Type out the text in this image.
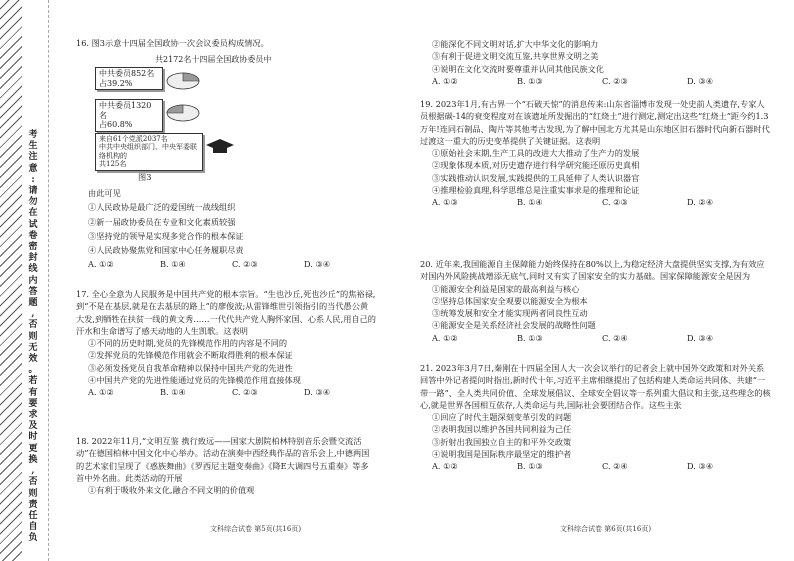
考
生
注
意
:
请
勿
在
试
卷
密
封
线
内
答
题
,
否
则
无
效
。
若
有
要
求
及
时
更
换
,
否
则
责
任
自
负
16. 图3示意十四届全国政协一次会议委员构成情况。
共2172名十四届全国政协委员中
中共委员852名
占39.2%
中共委员1320名
占60.8%
来自61个党派2037名
中共中央组织部门、中央军委联络机构的
共125名
图3
由此可见
①人民政协是最广泛的爱国统一战线组织
②新一届政协委员在专业和文化素质较强
③坚持党的领导是实现多党合作的根本保证
④人民政协聚焦党和国家中心任务履职尽责
A. ①②	B. ①④	C. ②③	D. ③④
17. 全心全意为人民服务是中国共产党的根本宗旨。“生也沙丘,死也沙丘”的焦裕禄,到“不是在基层,就是在去基层的路上”的廖俊波;从雷锋维世引领指引的当代愚公黄大发,到牺牲在扶贫一线的黄文秀……一代代共产党人胸怀家国、心系人民,用自己的汗水和生命谱写了感天动地的人生凯歌。这表明
①不同的历史时期,党员的先锋模范作用的内容是不同的
②发挥党员的先锋模范作用就会不断取得胜利的根本保证
③必须发扬党员自我革命精神以保持中国共产党的先进性
④中国共产党的先进性能通过党员的先锋模范作用直接体现
A. ①②	B. ①④	C. ②③	D. ③④
18. 2022年11月,“文明互鉴 携行致远——国家大剧院柏林特别音乐会暨交流活动”在德国柏林中国文化中心举办。活动在演奏中西经典作品的音乐会上,中德两国的艺术家们呈现了《惑族舞曲》《罗西尼主题变奏曲》《降E大调四号五重奏》等多首中外名曲。此类活动的开展
①有利于吸收外来文化,融合不同文明的价值观
文科综合试卷 第5页(共16页)
②能深化不同文明对话,扩大中华文化的影响力
③有利于促进文明交流互鉴,共享世界文明之美
④说明在文化交流时要尊重并认同其他民族文化
A. ①②	B. ①③	C. ②③	D. ③④
19. 2023年1月,有古界一个“石破天惊”的消息传来:山东省淄博市发现一处史前人类遗存,专家人员根据碳-14的衰变程度对在该遗址所发掘出的“红烧土”进行测定,测定出这些“红烧土”距今约1.3万年!连同石制品、陶片等其他考古发现,为了解中国北方尤其是山东地区旧石器时代向新石器时代过渡这一重大的历史变革提供了关键证据。这表明
①原始社会末期,生产工具的改进大大推动了生产力的发展
②现象体现本质,对历史遗存进行科学研究能还原历史真相
③实践推动认识发展,实践提供的工具延伸了人类认识器官
④推理检验真理,科学思维总是注重实事求是的推理和论证
A. ①③	B. ①④	C. ②③	D. ②④
20. 近年来,我国能源自主保障能力始终保持在80%以上,为稳定经济大盘提供坚实支撑,为有效应对国内外风险挑战增添无底气,同时又有实了国家安全的实力基础。国家保障能源安全是因为
①能源安全利益是国家的最高利益与核心
②坚持总体国家安全观要以能源安全为根本
③统筹发展和安全才能实现两者同良性互动
④能源安全是关系经济社会发展的战略性问题
A. ①②	B. ①③	C. ②④	D. ③④
21. 2023年3月7日,秦刚在十四届全国人大一次会议举行的记者会上就中国外交政策和对外关系回答中外记者提问时指出,新时代十年,习近平主席相继提出了包括构建人类命运共同体、共建“一带一路”、全人类共同价值、全球发展倡议、全球安全倡议等一系列重大倡议和主张,这些理念的核心,就是世界各国相互依存,人类命运与共,国际社会要团结合作。这些主张
①回应了时代主题深刻变革引发的问题
②表明我国以维护各国共同利益为己任
③折射出我国独立自主的和平外交政策
④说明我国是国际秩序最坚定的维护者
A. ①②	B. ①③	C. ②④	D. ③④
文科综合试卷 第6页(共16页)
